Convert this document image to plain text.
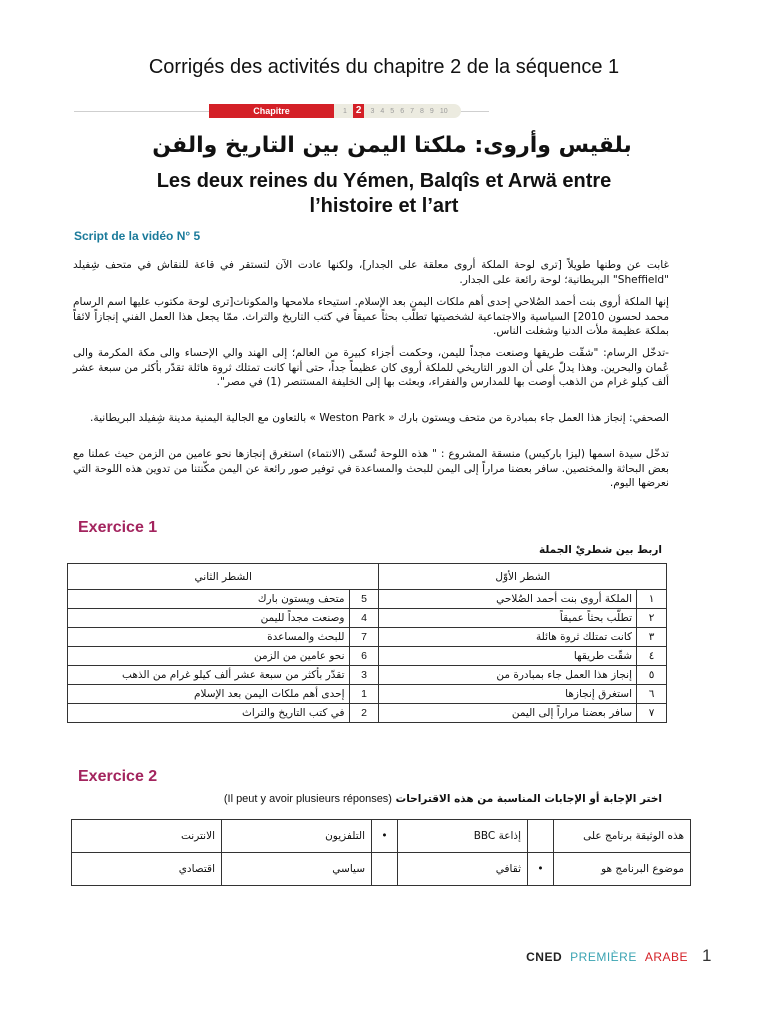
Corrigés des activités du chapitre 2 de la séquence 1
Chapitre	1 2	3 4 5 6 7 8 9 10
بلقيس وأروى: ملكتا اليمن بين التاريخ والفن
Les deux reines du Yémen, Balqîs et Arwä entre l’histoire et l’art
Script de la vidéo N° 5
غابت عن وطنها طويلاً [ترى لوحة الملكة أروى معلقة على الجدار]، ولكنها عادت الآن لتستقر في قاعة للنقاش في متحف شِفيلد "Sheffield" البريطانية؛ لوحة رائعة على الجدار.
إنها الملكة أروى بنت أحمد الصُلاحي إحدى أهم ملكات اليمن بعد الإسلام. استيحاء ملامحها والمكونات[ترى لوحة مكتوب عليها اسم الرسام محمد لحسون 2010] السياسية والاجتماعية لشخصيتها تطلّب بحثاً عميقاً في كتب التاريخ والتراث. ممّا يجعل هذا العمل الفني إنجازاً لائقاً بملكة عظيمة ملأت الدنيا وشغلت الناس.
-تدخّل الرسام: "شقّت طريقها وصنعت مجداً لليمن، وحكمت أجزاء كبيرة من العالم؛ إلى الهند والي الإحساء والى مكة المكرمة والى عُمان والبحرين. وهذا يدلّ على أن الدور التاريخي للملكة أروى كان عظيماً جداً، حتى أنها كانت تمتلك ثروة هائلة تقدّر بأكثر من سبعة عشر ألف كيلو غرام من الذهب أوصت بها للمدارس والفقراء، وبعثت بها إلى الخليفة المستنصر (1) في مصر".
الصحفي: إنجاز هذا العمل جاء بمبادرة من متحف ويستون بارك « Weston Park » بالتعاون مع الجالية اليمنية مدينة شِفيلد البريطانية.
تدخّل سيدة اسمها (ليزا باركيس) منسقة المشروع : " هذه اللوحة تُسمّى (الانتماء) استغرق إنجازها نحو عامين من الزمن حيث عملنا مع بعض البحاثة والمختصين. سافر بعضنا مراراً إلى اليمن للبحث والمساعدة في توفير صور رائعة عن اليمن مكّنتنا من تدوين هذه اللوحة التي نعرضها اليوم.
Exercice 1
اربط بين شطريْ الجملة
الشطر الثاني		الشطر الأوّل	
متحف ويستون بارك	5	الملكة أروى بنت أحمد الصُلاحي	١
وصنعت مجداً لليمن	4	تطلّب بحثاً عميقاً	٢
للبحث والمساعدة	7	كانت تمتلك ثروة هائلة	٣
نحو عامين من الزمن	6	شقّت طريقها	٤
تقدّر بأكثر من سبعة عشر ألف كيلو غرام من الذهب	3	إنجاز هذا العمل جاء بمبادرة من	٥
إحدى أهم ملكات اليمن بعد الإسلام	1	استغرق إنجازها	٦
في كتب التاريخ والتراث	2	سافر بعضنا مراراً إلى اليمن	٧
Exercice 2
اختر الإجابة أو الإجابات المناسبة من هذه الاقتراحات (Il peut y avoir plusieurs réponses)
الانترنت	التلفزيون	•	إذاعة BBC		هذه الوثيقة برنامج على
اقتصادي	سياسي		ثقافي	•	موضوع البرنامج هو
CNED PREMIÈRE ARABE 1
